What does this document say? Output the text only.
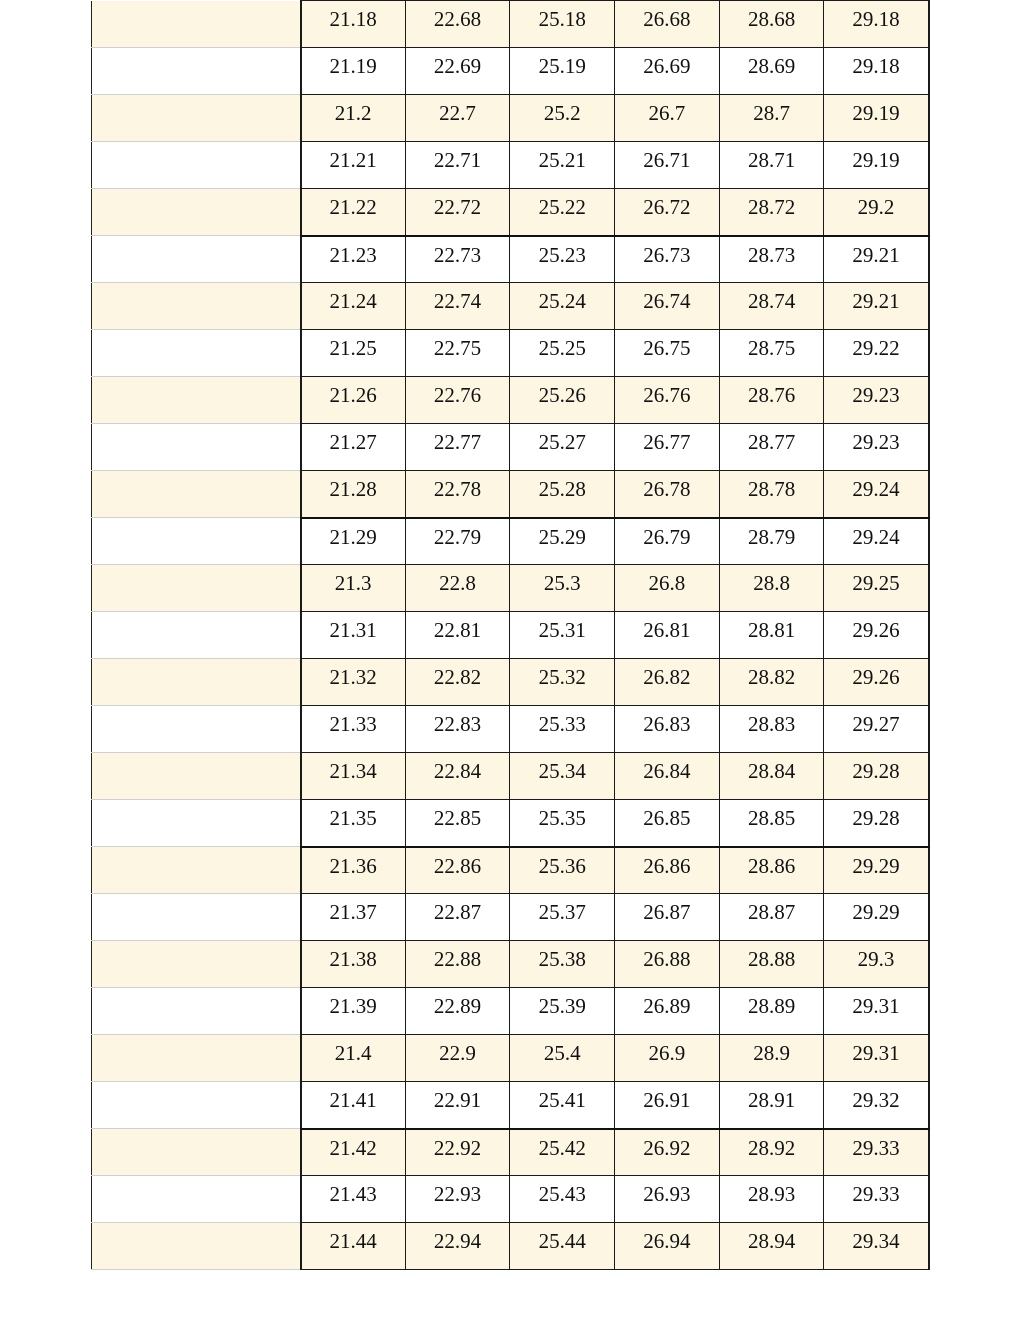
	21.18	22.68	25.18	26.68	28.68	29.18
	21.19	22.69	25.19	26.69	28.69	29.18
	21.2	22.7	25.2	26.7	28.7	29.19
	21.21	22.71	25.21	26.71	28.71	29.19
	21.22	22.72	25.22	26.72	28.72	29.2
	21.23	22.73	25.23	26.73	28.73	29.21
	21.24	22.74	25.24	26.74	28.74	29.21
	21.25	22.75	25.25	26.75	28.75	29.22
	21.26	22.76	25.26	26.76	28.76	29.23
	21.27	22.77	25.27	26.77	28.77	29.23
	21.28	22.78	25.28	26.78	28.78	29.24
	21.29	22.79	25.29	26.79	28.79	29.24
	21.3	22.8	25.3	26.8	28.8	29.25
	21.31	22.81	25.31	26.81	28.81	29.26
	21.32	22.82	25.32	26.82	28.82	29.26
	21.33	22.83	25.33	26.83	28.83	29.27
	21.34	22.84	25.34	26.84	28.84	29.28
	21.35	22.85	25.35	26.85	28.85	29.28
	21.36	22.86	25.36	26.86	28.86	29.29
	21.37	22.87	25.37	26.87	28.87	29.29
	21.38	22.88	25.38	26.88	28.88	29.3
	21.39	22.89	25.39	26.89	28.89	29.31
	21.4	22.9	25.4	26.9	28.9	29.31
	21.41	22.91	25.41	26.91	28.91	29.32
	21.42	22.92	25.42	26.92	28.92	29.33
	21.43	22.93	25.43	26.93	28.93	29.33
	21.44	22.94	25.44	26.94	28.94	29.34
